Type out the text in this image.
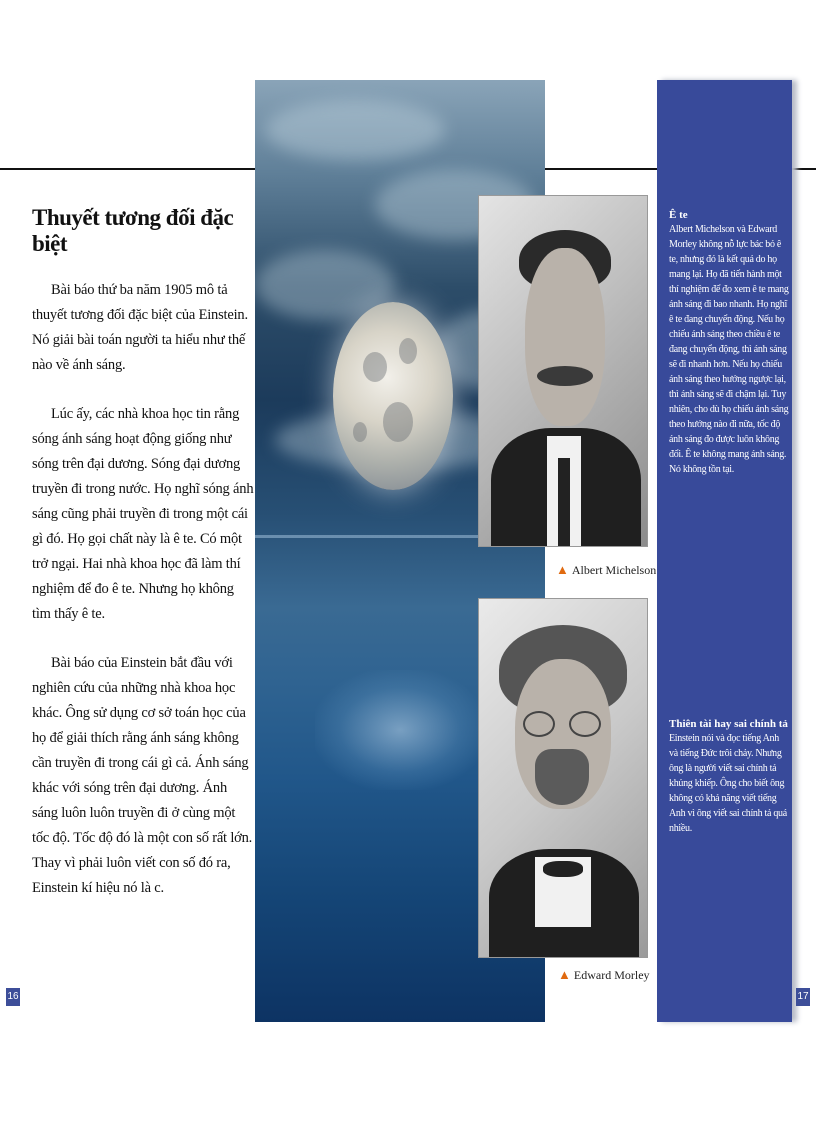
Thuyết tương đối đặc biệt

Bài báo thứ ba năm 1905 mô tả thuyết tương đối đặc biệt của Einstein. Nó giải bài toán người ta hiểu như thế nào về ánh sáng.

Lúc ấy, các nhà khoa học tin rằng sóng ánh sáng hoạt động giống như sóng trên đại dương. Sóng đại dương truyền đi trong nước. Họ nghĩ sóng ánh sáng cũng phải truyền đi trong một cái gì đó. Họ gọi chất này là ê te. Có một trở ngại. Hai nhà khoa học đã làm thí nghiệm để đo ê te. Nhưng họ không tìm thấy ê te.

Bài báo của Einstein bắt đầu với nghiên cứu của những nhà khoa học khác. Ông sử dụng cơ sở toán học của họ để giải thích rằng ánh sáng không cần truyền đi trong cái gì cả. Ánh sáng khác với sóng trên đại dương. Ánh sáng luôn luôn truyền đi ở cùng một tốc độ. Tốc độ đó là một con số rất lớn. Thay vì phải luôn viết con số đó ra, Einstein kí hiệu nó là c.

▲ Albert Michelson
▲ Edward Morley
Ê te
Albert Michelson và Edward Morley không nỗ lực bác bỏ ê te, nhưng đó là kết quả do họ mang lại. Họ đã tiến hành một thí nghiệm để đo xem ê te mang ánh sáng đi bao nhanh. Họ nghĩ ê te đang chuyển động. Nếu họ chiếu ánh sáng theo chiều ê te đang chuyển động, thì ánh sáng sẽ đi nhanh hơn. Nếu họ chiếu ánh sáng theo hướng ngược lại, thì ánh sáng sẽ đi chậm lại. Tuy nhiên, cho dù họ chiếu ánh sáng theo hướng nào đi nữa, tốc độ ánh sáng đo được luôn không đổi. Ê te không mang ánh sáng. Nó không tồn tại.
Thiên tài hay sai chính tả
Einstein nói và đọc tiếng Anh và tiếng Đức trôi chảy. Nhưng ông là người viết sai chính tả khủng khiếp. Ông cho biết ông không có khả năng viết tiếng Anh vì ông viết sai chính tả quá nhiều.
16	17
